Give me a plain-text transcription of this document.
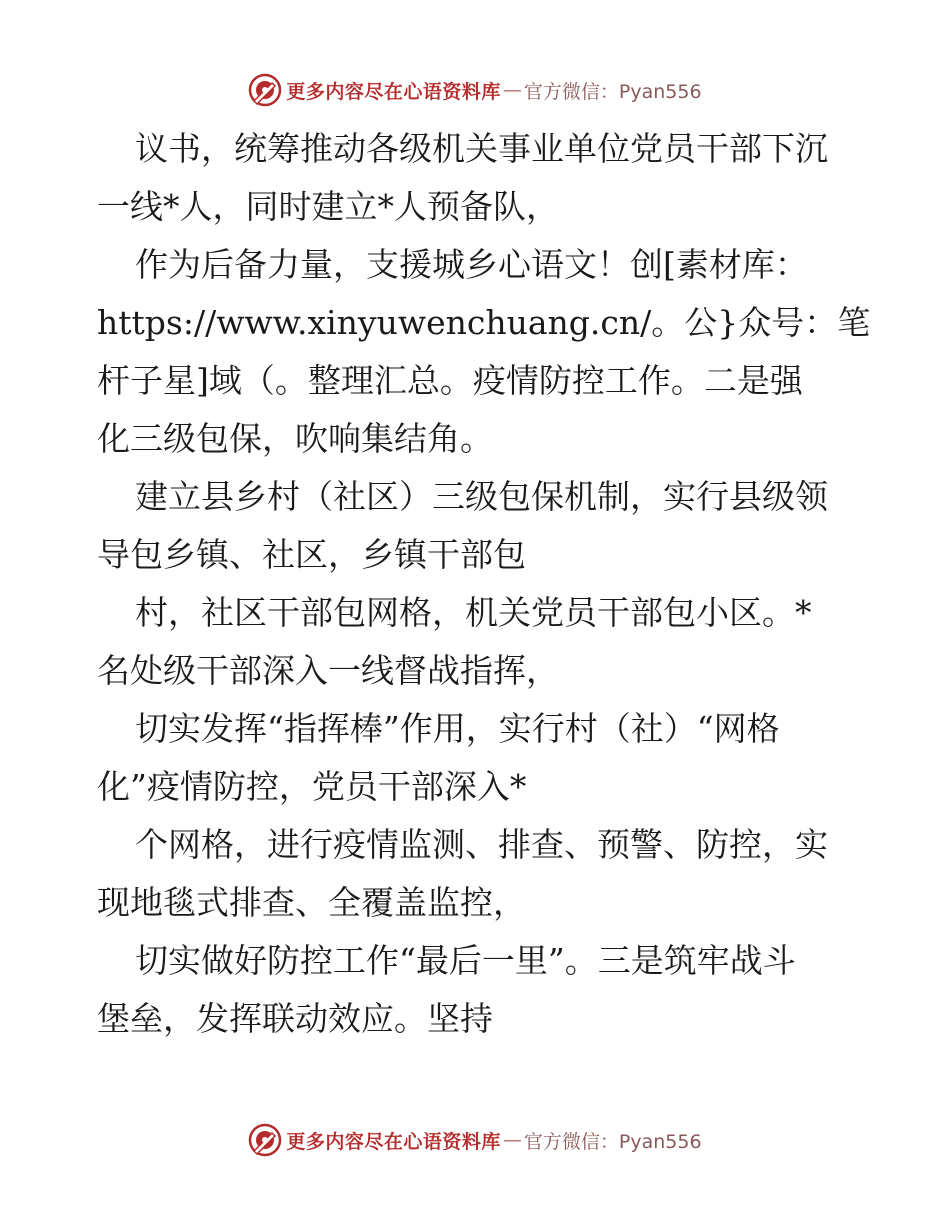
更多内容尽在心语资料库 — 官方微信：Pyan556
议书，统筹推动各级机关事业单位党员干部下沉
一线*人，同时建立*人预备队，
作为后备力量，支援城乡心语文！创[素材库：
https://www.xinyuwenchuang.cn/。公}众号：笔
杆子星]域（。整理汇总。疫情防控工作。二是强
化三级包保，吹响集结角。
建立县乡村（社区）三级包保机制，实行县级领
导包乡镇、社区，乡镇干部包
村，社区干部包网格，机关党员干部包小区。*
名处级干部深入一线督战指挥，
切实发挥“指挥棒”作用，实行村（社）“网格
化”疫情防控，党员干部深入*
个网格，进行疫情监测、排查、预警、防控，实
现地毯式排查、全覆盖监控，
切实做好防控工作“最后一里”。三是筑牢战斗
堡垒，发挥联动效应。坚持
更多内容尽在心语资料库 — 官方微信：Pyan556
